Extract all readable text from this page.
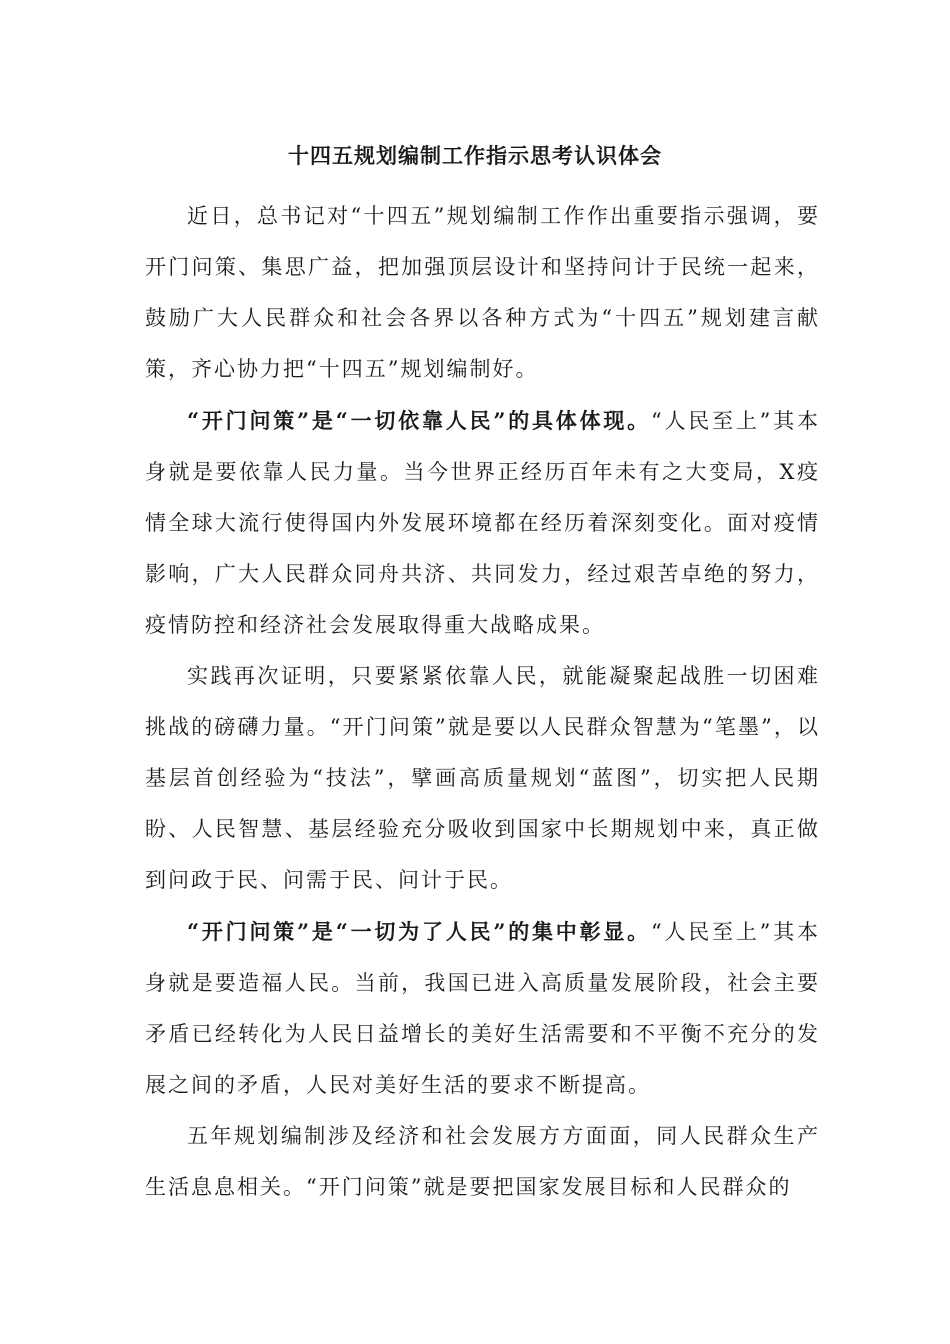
十四五规划编制工作指示思考认识体会

近日，总书记对“十四五”规划编制工作作出重要指示强调，要开门问策、集思广益，把加强顶层设计和坚持问计于民统一起来，鼓励广大人民群众和社会各界以各种方式为“十四五”规划建言献策，齐心协力把“十四五”规划编制好。

“开门问策”是“一切依靠人民”的具体体现。“人民至上”其本身就是要依靠人民力量。当今世界正经历百年未有之大变局，X疫情全球大流行使得国内外发展环境都在经历着深刻变化。面对疫情影响，广大人民群众同舟共济、共同发力，经过艰苦卓绝的努力，疫情防控和经济社会发展取得重大战略成果。

实践再次证明，只要紧紧依靠人民，就能凝聚起战胜一切困难挑战的磅礴力量。“开门问策”就是要以人民群众智慧为“笔墨”，以基层首创经验为“技法”，擘画高质量规划“蓝图”，切实把人民期盼、人民智慧、基层经验充分吸收到国家中长期规划中来，真正做到问政于民、问需于民、问计于民。

“开门问策”是“一切为了人民”的集中彰显。“人民至上”其本身就是要造福人民。当前，我国已进入高质量发展阶段，社会主要矛盾已经转化为人民日益增长的美好生活需要和不平衡不充分的发展之间的矛盾，人民对美好生活的要求不断提高。

五年规划编制涉及经济和社会发展方方面面，同人民群众生产生活息息相关。“开门问策”就是要把国家发展目标和人民群众的
